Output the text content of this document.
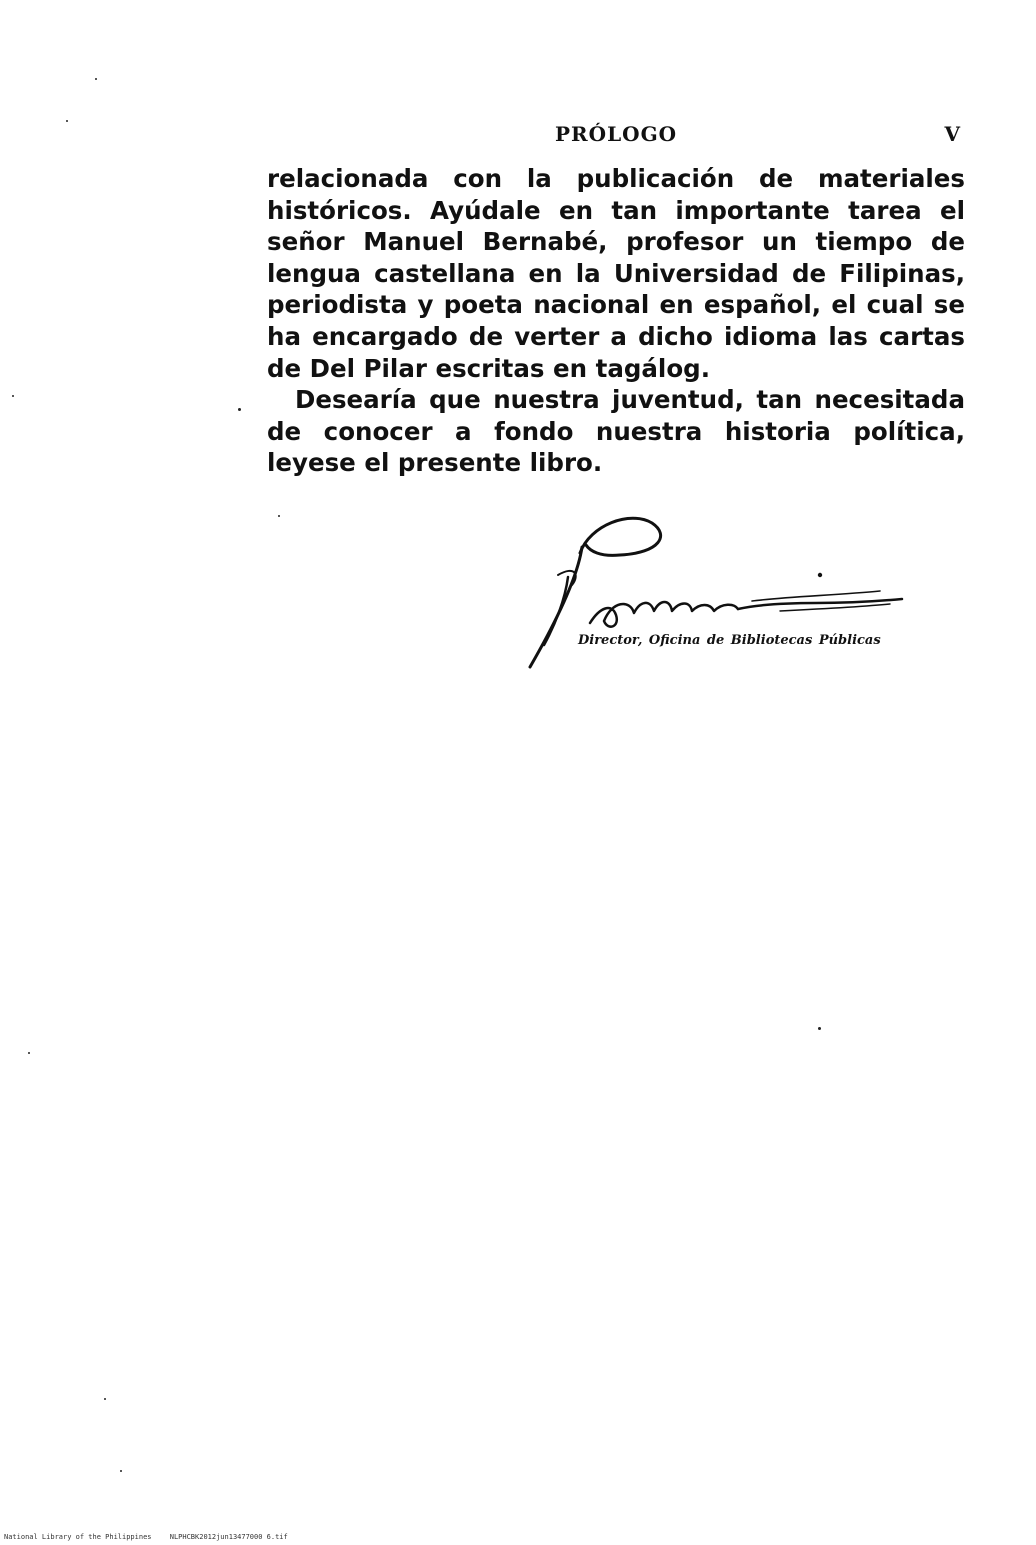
PRÓLOGO	V

relacionada con la publicación de materiales históricos. Ayúdale en tan importante tarea el señor Manuel Bernabé, profesor un tiempo de lengua castellana en la Universidad de Filipinas, periodista y poeta nacional en español, el cual se ha encargado de verter a dicho idioma las cartas de Del Pilar escritas en tagálog.

Desearía que nuestra juventud, tan necesitada de conocer a fondo nuestra historia política, leyese el presente libro.

Director, Oficina de Bibliotecas Públicas
National Library of the Philippines	NLPHCBK2012jun13477000 6.tif
